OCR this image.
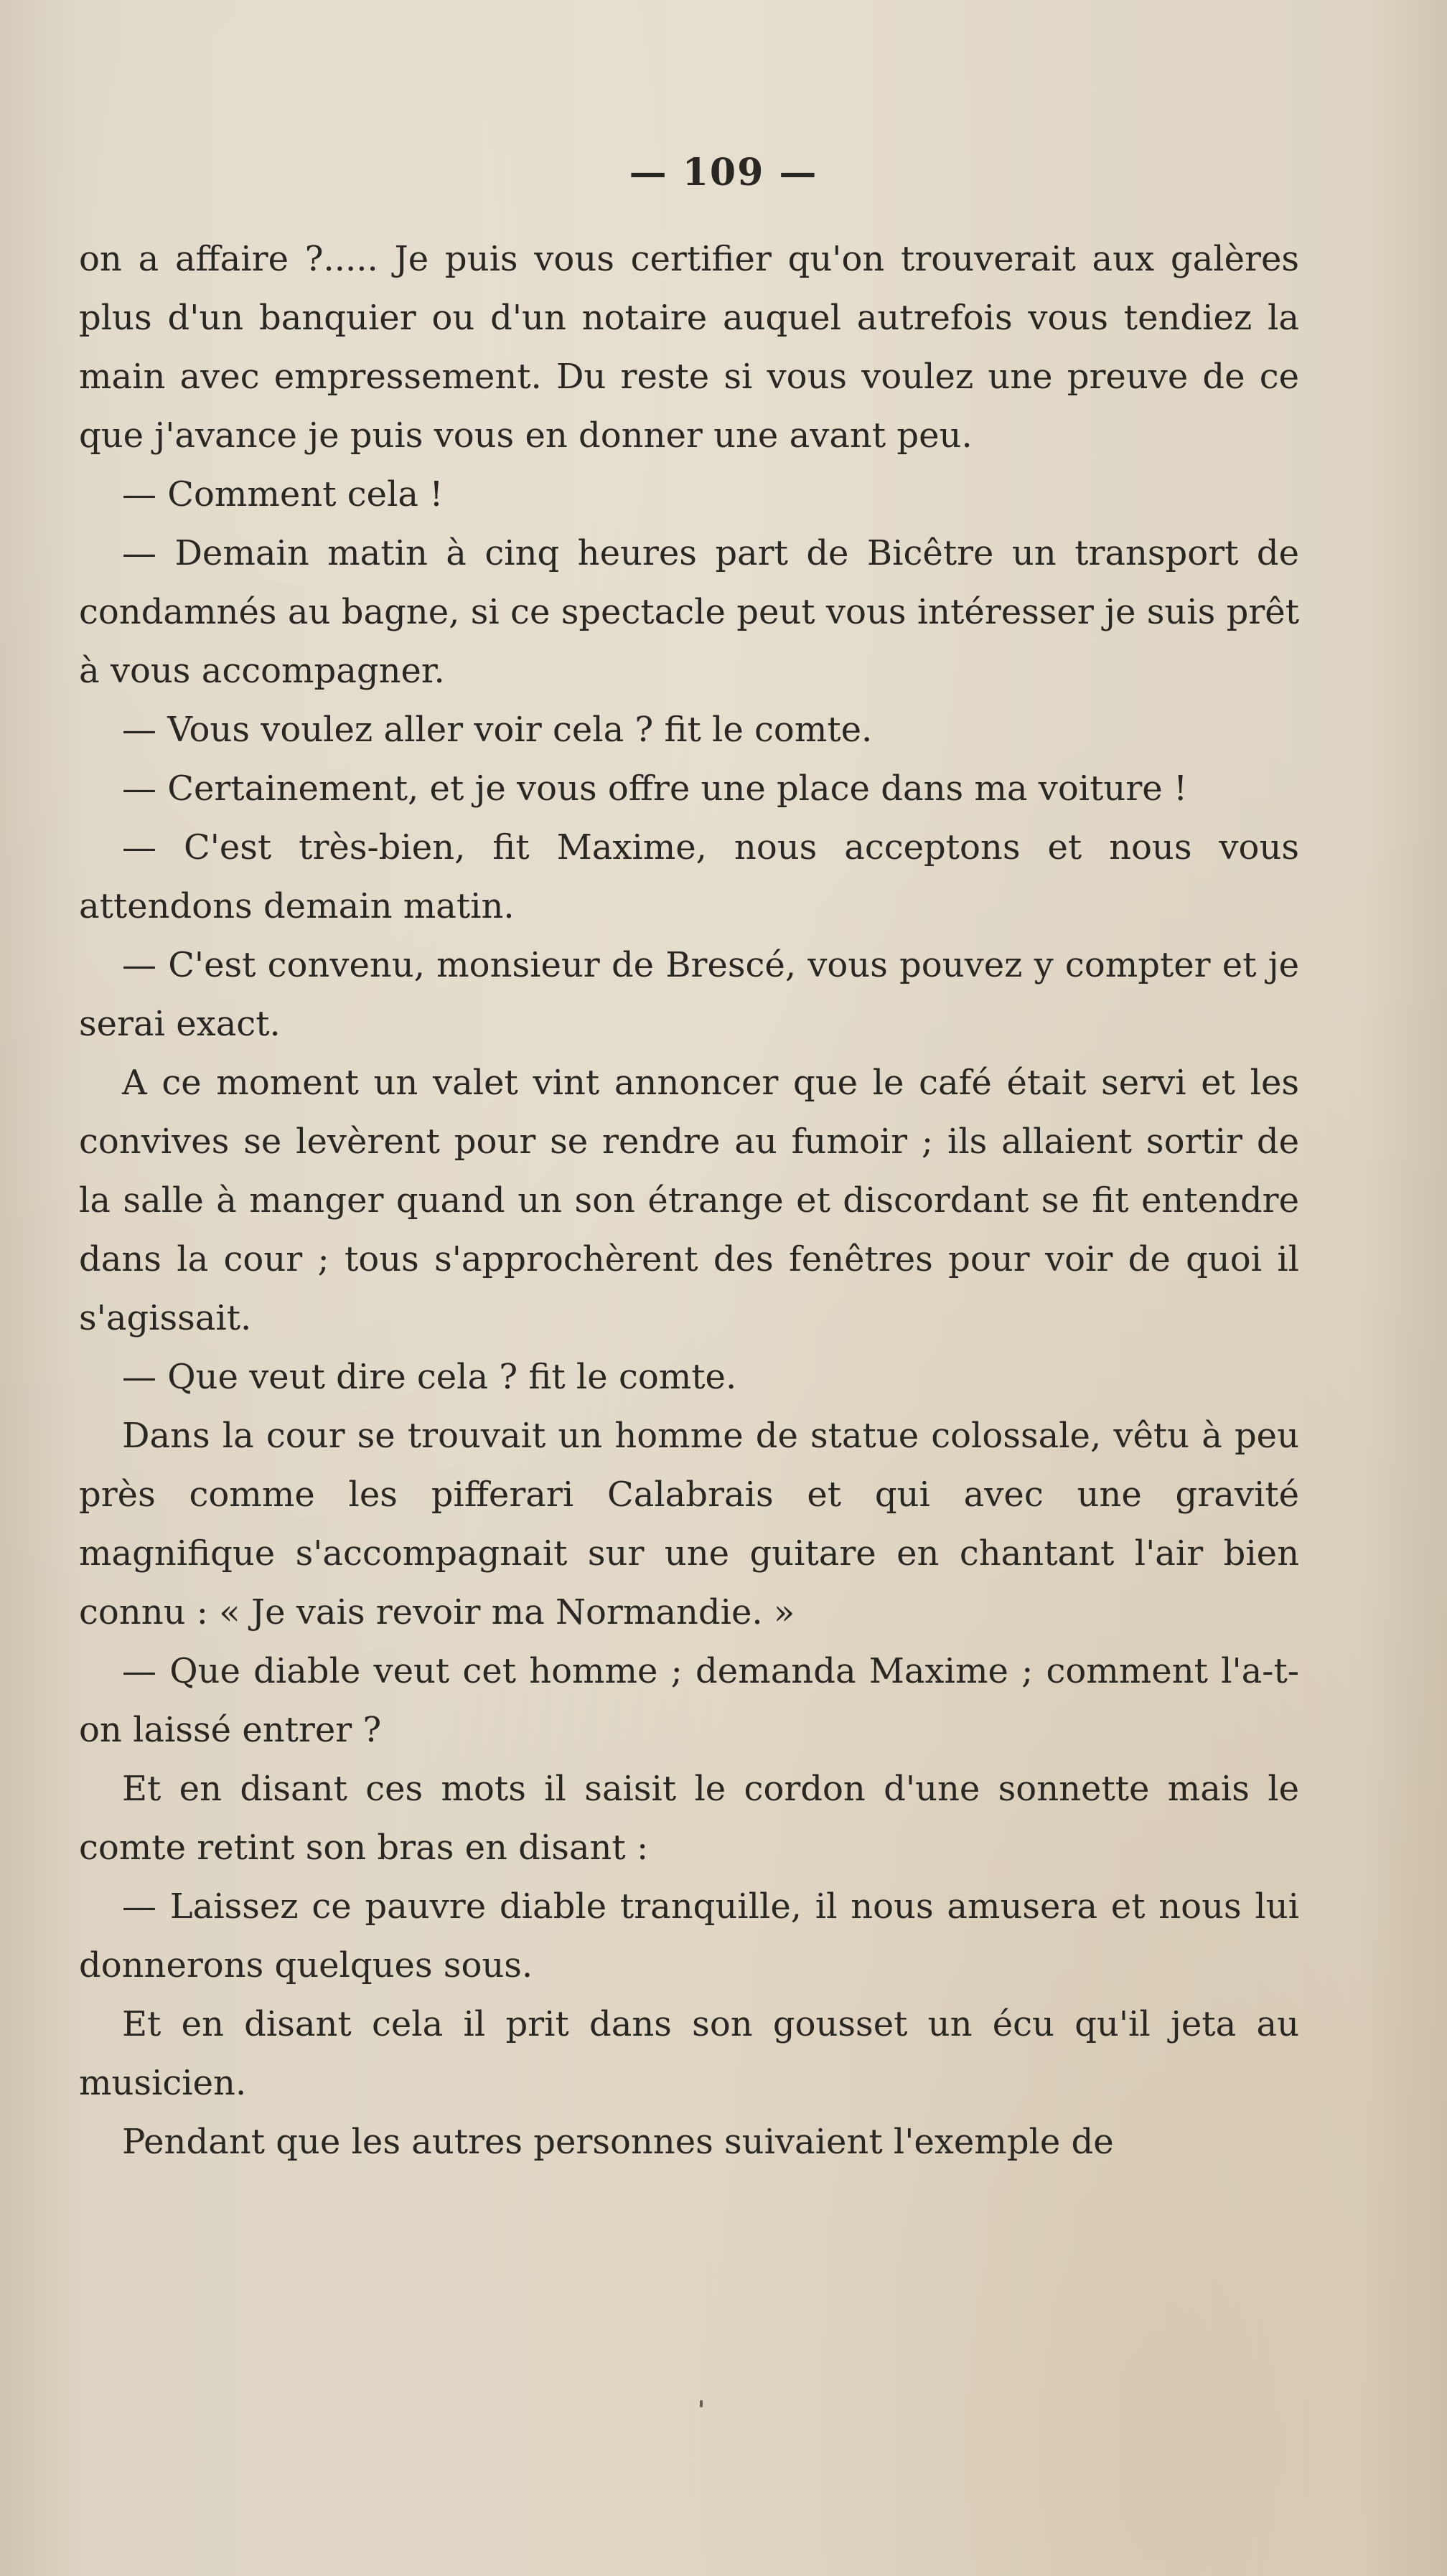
— 109 —

on a affaire ?..... Je puis vous certifier qu'on trouverait aux galères plus d'un banquier ou d'un notaire auquel autrefois vous tendiez la main avec empressement. Du reste si vous voulez une preuve de ce que j'avance je puis vous en donner une avant peu.

— Comment cela !

— Demain matin à cinq heures part de Bicêtre un transport de condamnés au bagne, si ce spectacle peut vous intéresser je suis prêt à vous accompagner.

— Vous voulez aller voir cela ? fit le comte.

— Certainement, et je vous offre une place dans ma voiture !

— C'est très-bien, fit Maxime, nous acceptons et nous vous attendons demain matin.

— C'est convenu, monsieur de Brescé, vous pouvez y compter et je serai exact.

A ce moment un valet vint annoncer que le café était servi et les convives se levèrent pour se rendre au fumoir ; ils allaient sortir de la salle à manger quand un son étrange et discordant se fit entendre dans la cour ; tous s'approchèrent des fenêtres pour voir de quoi il s'agissait.

— Que veut dire cela ? fit le comte.

Dans la cour se trouvait un homme de statue colossale, vêtu à peu près comme les pifferari Calabrais et qui avec une gravité magnifique s'accompagnait sur une guitare en chantant l'air bien connu : « Je vais revoir ma Normandie. »

— Que diable veut cet homme ; demanda Maxime ; comment l'a-t-on laissé entrer ?

Et en disant ces mots il saisit le cordon d'une sonnette mais le comte retint son bras en disant :

— Laissez ce pauvre diable tranquille, il nous amusera et nous lui donnerons quelques sous.

Et en disant cela il prit dans son gousset un écu qu'il jeta au musicien.

Pendant que les autres personnes suivaient l'exemple de
